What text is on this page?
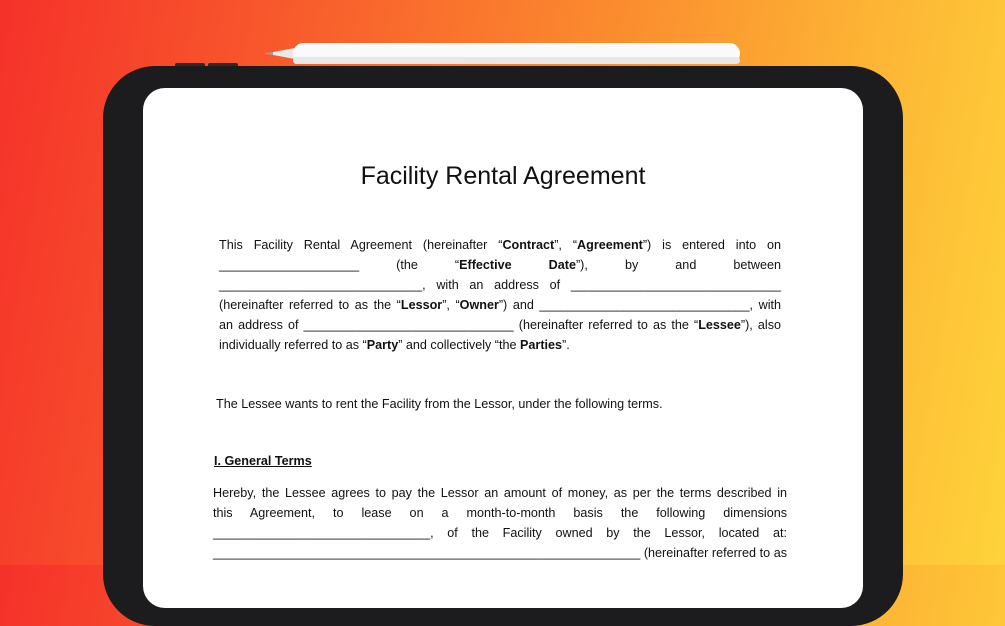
Facility Rental Agreement
This Facility Rental Agreement (hereinafter “Contract”, “Agreement”) is entered into on
____________________ (the “Effective Date”), by and between
_____________________________, with an address of ______________________________
(hereinafter referred to as the “Lessor”, “Owner”) and ______________________________, with
an address of ______________________________ (hereinafter referred to as the “Lessee”), also
individually referred to as “Party” and collectively “the Parties”.
The Lessee wants to rent the Facility from the Lessor, under the following terms.
I. General Terms
Hereby, the Lessee agrees to pay the Lessor an amount of money, as per the terms described in
this Agreement, to lease on a month-to-month basis the following dimensions
_______________________________, of the Facility owned by the Lessor, located at:
_____________________________________________________________ (hereinafter referred to as
